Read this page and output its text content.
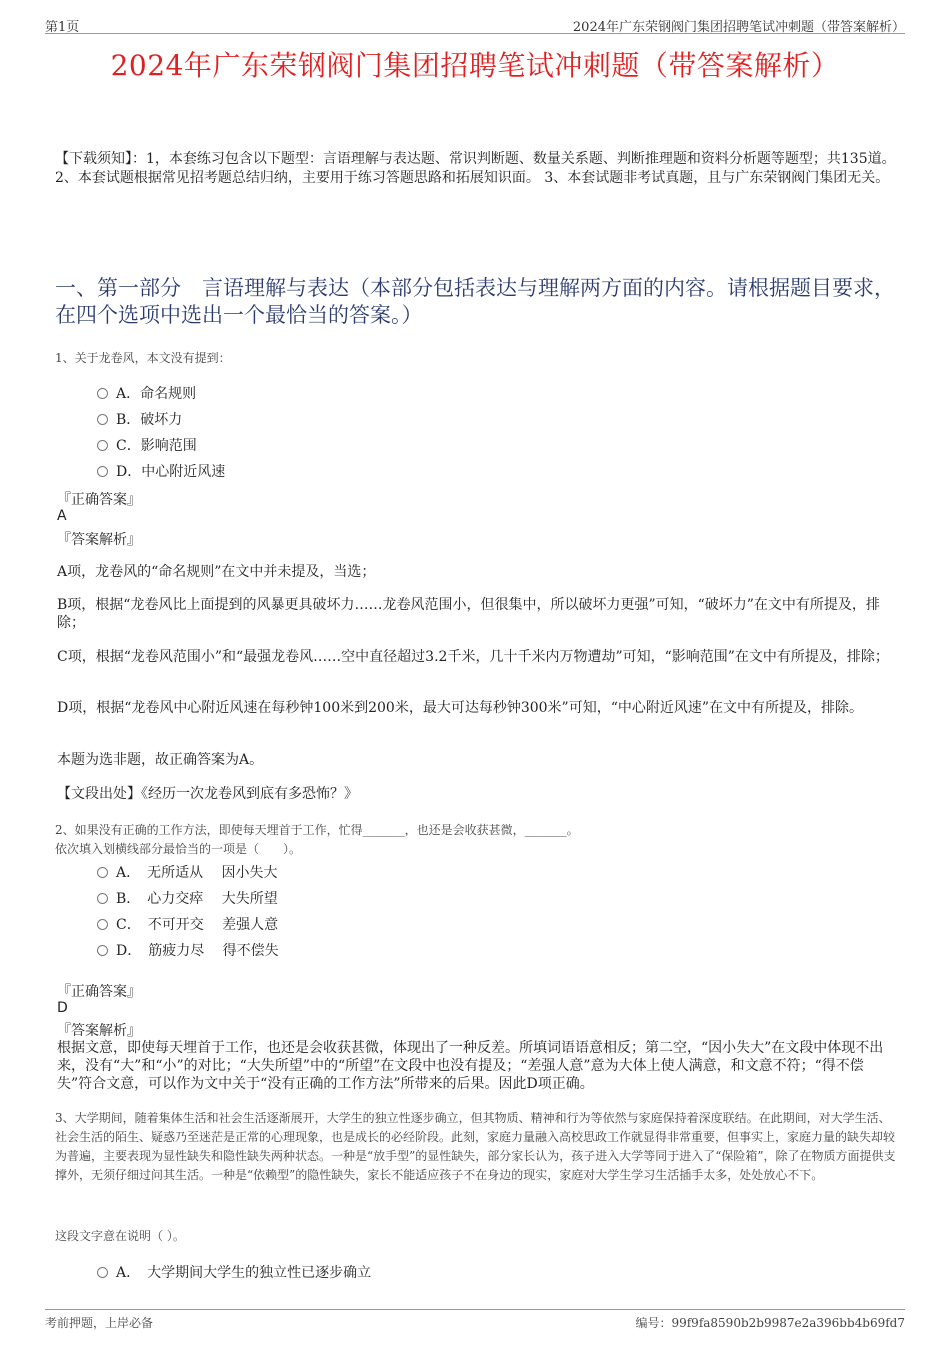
第1页	2024年广东荣钢阀门集团招聘笔试冲刺题（带答案解析）
2024年广东荣钢阀门集团招聘笔试冲刺题（带答案解析）
【下载须知】：1，本套练习包含以下题型：言语理解与表达题、常识判断题、数量关系题、判断推理题和资料分析题等题型；共135道。 2、本套试题根据常见招考题总结归纳，主要用于练习答题思路和拓展知识面。 3、本套试题非考试真题，且与广东荣钢阀门集团无关。
一、第一部分　言语理解与表达（本部分包括表达与理解两方面的内容。请根据题目要求，在四个选项中选出一个最恰当的答案。）
1、关于龙卷风，本文没有提到：
A．命名规则
B．破坏力
C．影响范围
D．中心附近风速
『正确答案』
A
『答案解析』
A项，龙卷风的“命名规则”在文中并未提及，当选；
B项，根据“龙卷风比上面提到的风暴更具破坏力……龙卷风范围小，但很集中，所以破坏力更强”可知，“破坏力”在文中有所提及，排除；
C项，根据“龙卷风范围小”和“最强龙卷风……空中直径超过3.2千米，几十千米内万物遭劫”可知，“影响范围”在文中有所提及，排除；
D项，根据“龙卷风中心附近风速在每秒钟100米到200米，最大可达每秒钟300米”可知，“中心附近风速”在文中有所提及，排除。
本题为选非题，故正确答案为A。
【文段出处】《经历一次龙卷风到底有多恐怖？》
2、如果没有正确的工作方法，即使每天埋首于工作，忙得_______，也还是会收获甚微，_______。
依次填入划横线部分最恰当的一项是（　　）。
A．　无所适从　 因小失大
B．　心力交瘁　 大失所望
C．　不可开交　 差强人意
D．　筋疲力尽　 得不偿失
『正确答案』
D
『答案解析』
根据文意，即使每天埋首于工作，也还是会收获甚微，体现出了一种反差。所填词语语意相反；第二空，“因小失大”在文段中体现不出来，没有“大”和“小”的对比；“大失所望”中的“所望”在文段中也没有提及；“差强人意”意为大体上使人满意，和文意不符；“得不偿失”符合文意，可以作为文中关于“没有正确的工作方法”所带来的后果。因此D项正确。
3、大学期间，随着集体生活和社会生活逐渐展开，大学生的独立性逐步确立，但其物质、精神和行为等依然与家庭保持着深度联结。在此期间，对大学生活、社会生活的陌生、疑惑乃至迷茫是正常的心理现象，也是成长的必经阶段。此刻，家庭力量融入高校思政工作就显得非常重要，但事实上，家庭力量的缺失却较为普遍，主要表现为显性缺失和隐性缺失两种状态。一种是“放手型”的显性缺失，部分家长认为，孩子进入大学等同于进入了“保险箱”，除了在物质方面提供支撑外，无须仔细过问其生活。一种是“依赖型”的隐性缺失，家长不能适应孩子不在身边的现实，家庭对大学生学习生活插手太多，处处放心不下。
这段文字意在说明（ ）。
A．　大学期间大学生的独立性已逐步确立
考前押题，上岸必备	编号：99f9fa8590b2b9987e2a396bb4b69fd7
